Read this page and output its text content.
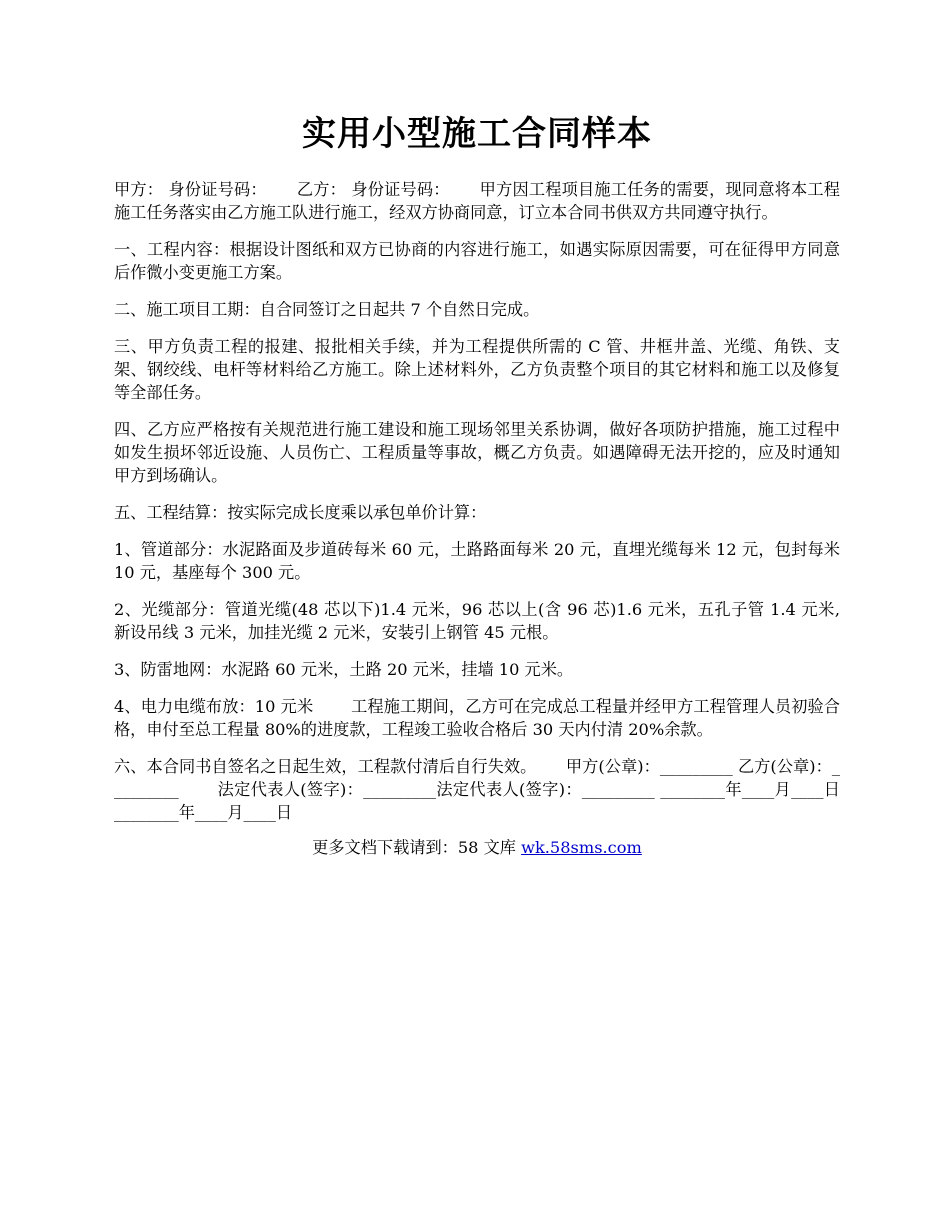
实用小型施工合同样本

甲方： 身份证号码：　　 乙方： 身份证号码：　　 甲方因工程项目施工任务的需要，现同意将本工程施工任务落实由乙方施工队进行施工，经双方协商同意，订立本合同书供双方共同遵守执行。

一、工程内容：根据设计图纸和双方已协商的内容进行施工，如遇实际原因需要，可在征得甲方同意后作微小变更施工方案。

二、施工项目工期：自合同签订之日起共 7 个自然日完成。

三、甲方负责工程的报建、报批相关手续，并为工程提供所需的 C 管、井框井盖、光缆、角铁、支架、钢绞线、电杆等材料给乙方施工。除上述材料外，乙方负责整个项目的其它材料和施工以及修复等全部任务。

四、乙方应严格按有关规范进行施工建设和施工现场邻里关系协调，做好各项防护措施，施工过程中如发生损坏邻近设施、人员伤亡、工程质量等事故，概乙方负责。如遇障碍无法开挖的，应及时通知甲方到场确认。

五、工程结算：按实际完成长度乘以承包单价计算：

1、管道部分：水泥路面及步道砖每米 60 元，土路路面每米 20 元，直埋光缆每米 12 元，包封每米 10 元，基座每个 300 元。

2、光缆部分：管道光缆(48 芯以下)1.4 元米，96 芯以上(含 96 芯)1.6 元米，五孔子管 1.4 元米, 新设吊线 3 元米，加挂光缆 2 元米，安装引上钢管 45 元根。

3、防雷地网：水泥路 60 元米，土路 20 元米，挂墙 10 元米。

4、电力电缆布放：10 元米　　 工程施工期间，乙方可在完成总工程量并经甲方工程管理人员初验合格，申付至总工程量 80%的进度款，工程竣工验收合格后 30 天内付清 20%余款。

六、本合同书自签名之日起生效，工程款付清后自行失效。　　 甲方(公章)：_________ 乙方(公章)：_________　　 法定代表人(签字)：_________法定代表人(签字)：_________ ________年____月____日 ________年____月____日

更多文档下载请到：58 文库 wk.58sms.com
